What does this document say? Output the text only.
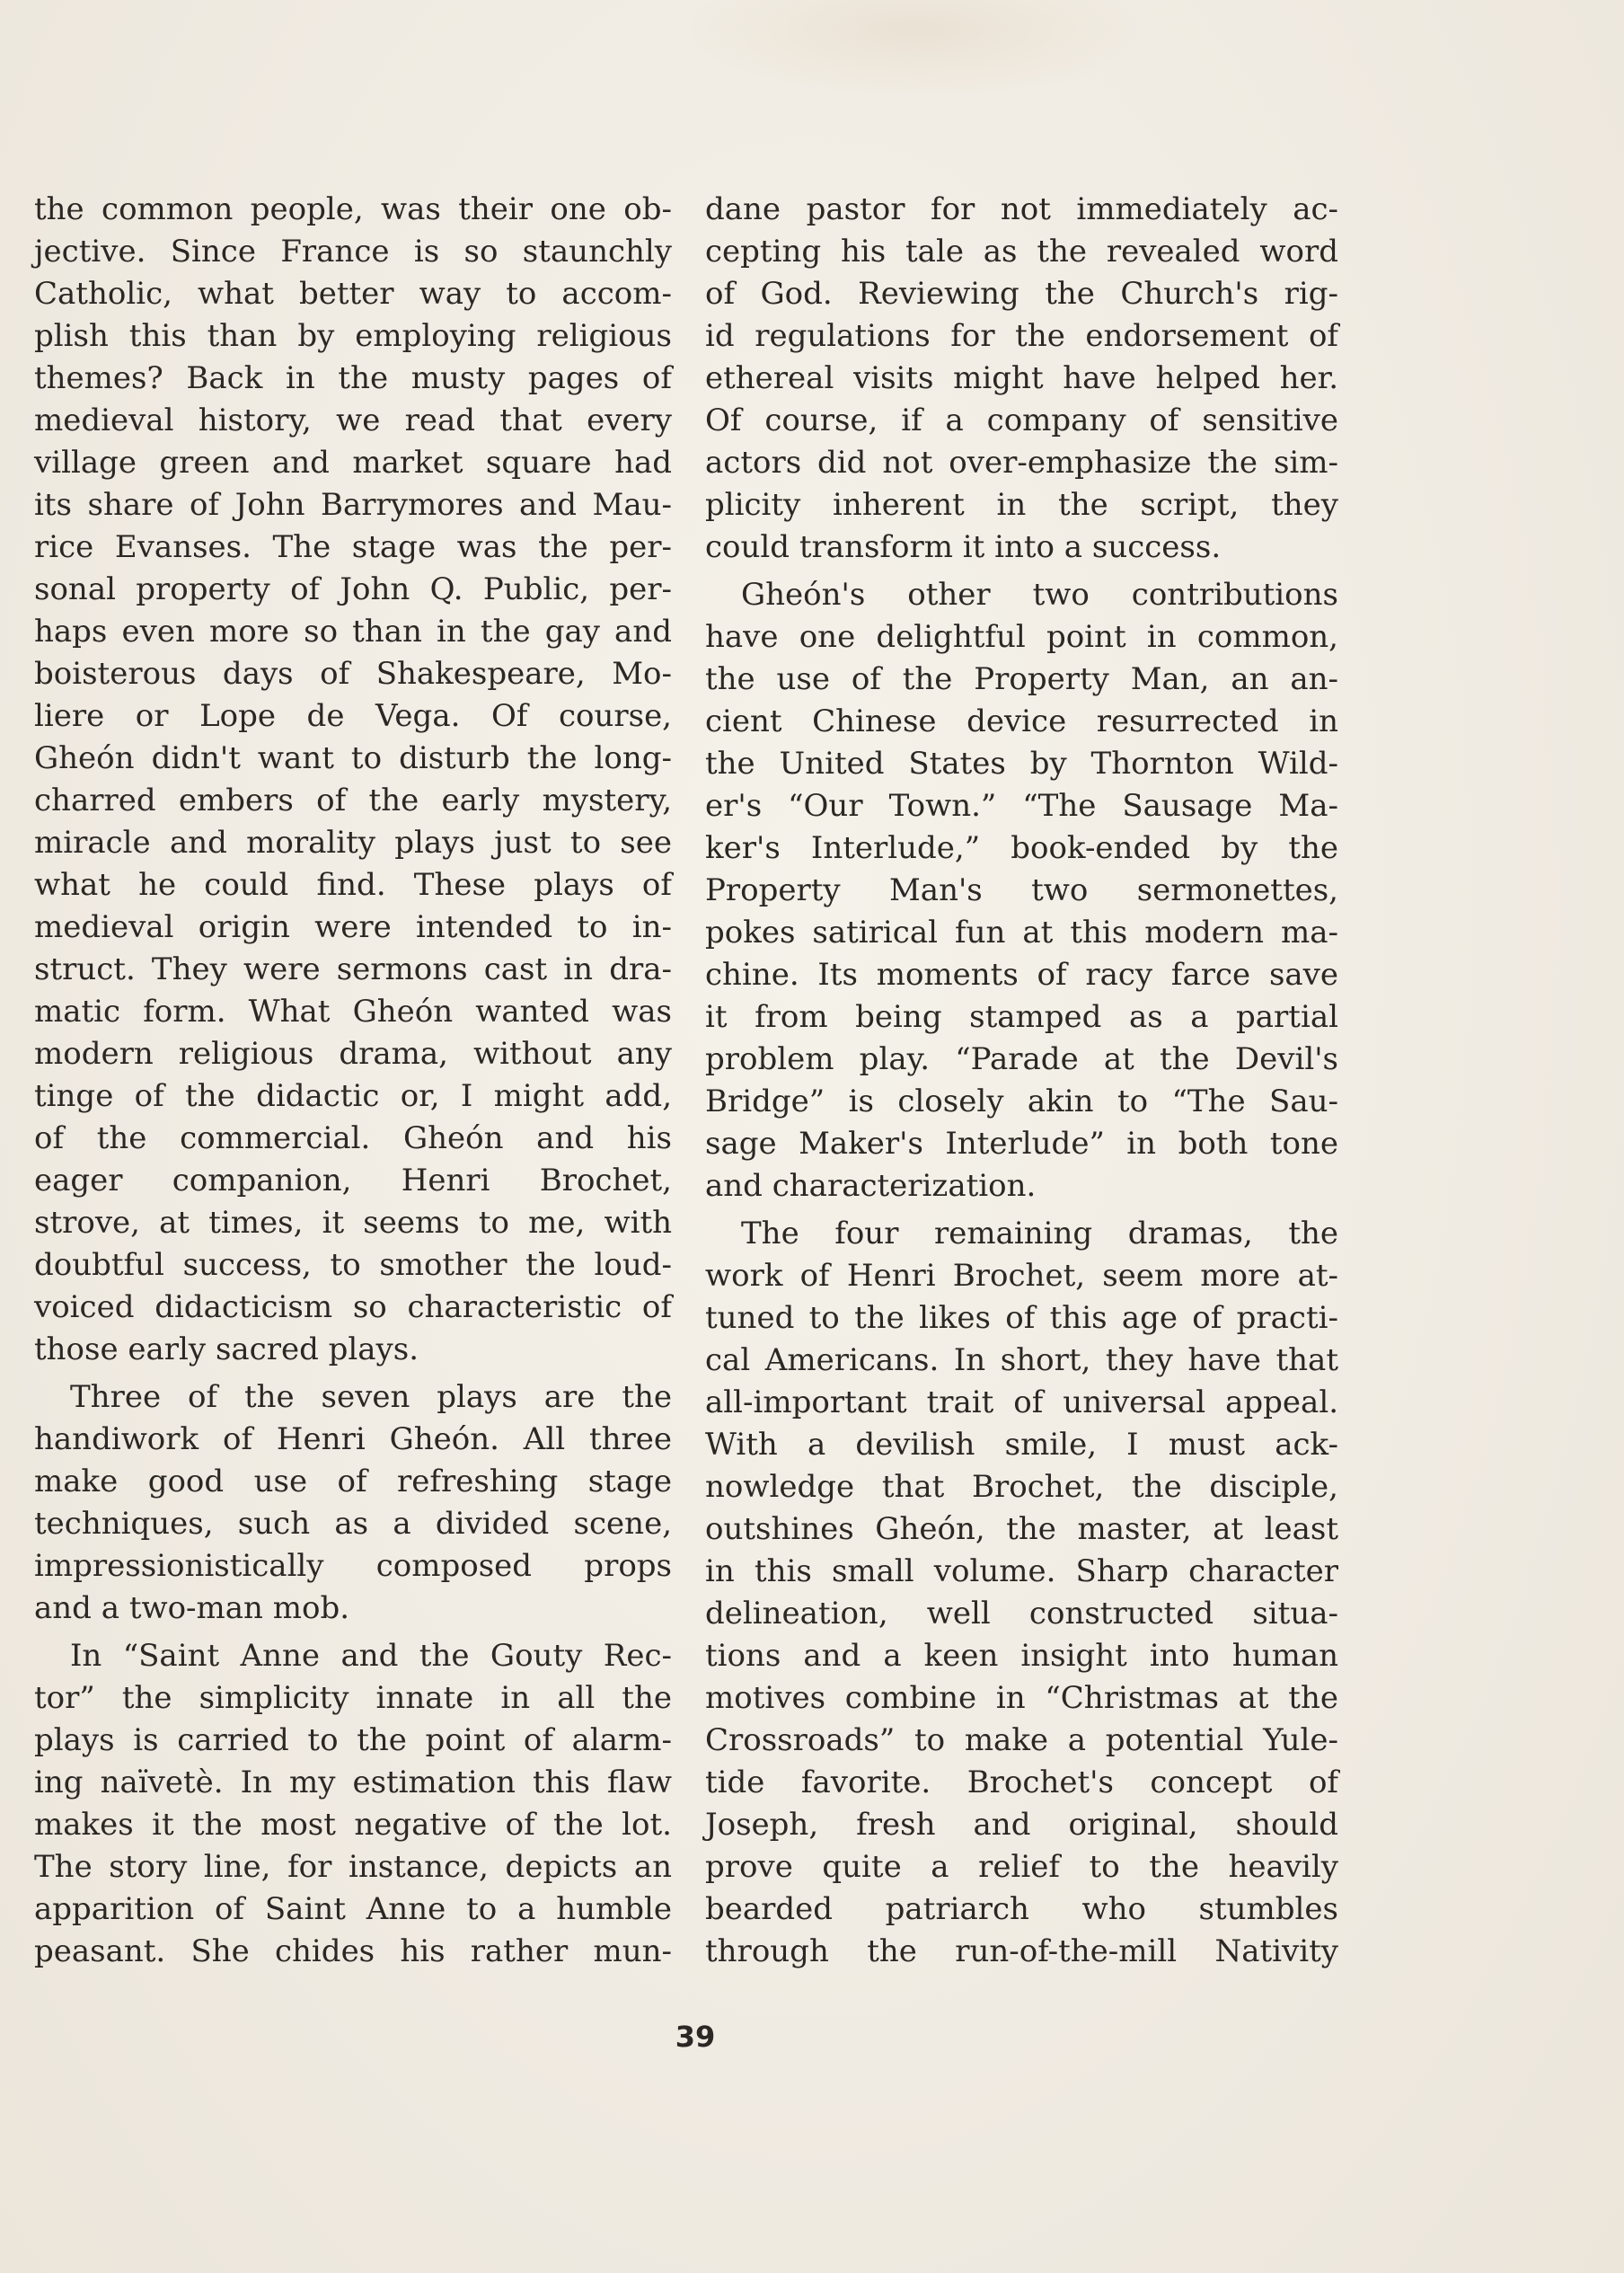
the common people, was their one ob-
jective. Since France is so staunchly
Catholic, what better way to accom-
plish this than by employing religious
themes? Back in the musty pages of
medieval history, we read that every
village green and market square had
its share of John Barrymores and Mau-
rice Evanses. The stage was the per-
sonal property of John Q. Public, per-
haps even more so than in the gay and
boisterous days of Shakespeare, Mo-
liere or Lope de Vega. Of course,
Gheón didn't want to disturb the long-
charred embers of the early mystery,
miracle and morality plays just to see
what he could find. These plays of
medieval origin were intended to in-
struct. They were sermons cast in dra-
matic form. What Gheón wanted was
modern religious drama, without any
tinge of the didactic or, I might add,
of the commercial. Gheón and his
eager companion, Henri Brochet,
strove, at times, it seems to me, with
doubtful success, to smother the loud-
voiced didacticism so characteristic of
those early sacred plays.
Three of the seven plays are the
handiwork of Henri Gheón. All three
make good use of refreshing stage
techniques, such as a divided scene,
impressionistically composed props
and a two-man mob.
In “Saint Anne and the Gouty Rec-
tor” the simplicity innate in all the
plays is carried to the point of alarm-
ing naïvetè. In my estimation this flaw
makes it the most negative of the lot.
The story line, for instance, depicts an
apparition of Saint Anne to a humble
peasant. She chides his rather mun-
dane pastor for not immediately ac-
cepting his tale as the revealed word
of God. Reviewing the Church's rig-
id regulations for the endorsement of
ethereal visits might have helped her.
Of course, if a company of sensitive
actors did not over-emphasize the sim-
plicity inherent in the script, they
could transform it into a success.
Gheón's other two contributions
have one delightful point in common,
the use of the Property Man, an an-
cient Chinese device resurrected in
the United States by Thornton Wild-
er's “Our Town.” “The Sausage Ma-
ker's Interlude,” book-ended by the
Property Man's two sermonettes,
pokes satirical fun at this modern ma-
chine. Its moments of racy farce save
it from being stamped as a partial
problem play. “Parade at the Devil's
Bridge” is closely akin to “The Sau-
sage Maker's Interlude” in both tone
and characterization.
The four remaining dramas, the
work of Henri Brochet, seem more at-
tuned to the likes of this age of practi-
cal Americans. In short, they have that
all-important trait of universal appeal.
With a devilish smile, I must ack-
nowledge that Brochet, the disciple,
outshines Gheón, the master, at least
in this small volume. Sharp character
delineation, well constructed situa-
tions and a keen insight into human
motives combine in “Christmas at the
Crossroads” to make a potential Yule-
tide favorite. Brochet's concept of
Joseph, fresh and original, should
prove quite a relief to the heavily
bearded patriarch who stumbles
through the run-of-the-mill Nativity
39
